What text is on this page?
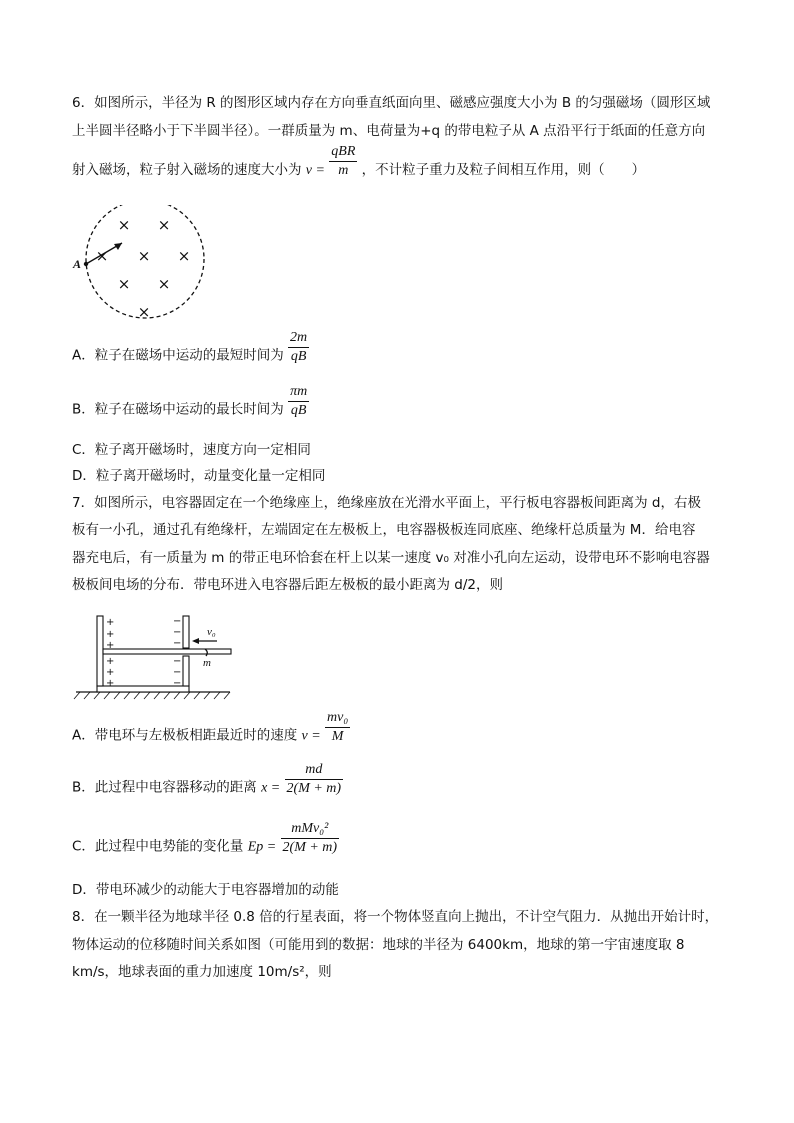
6．如图所示，半径为 R 的图形区域内存在方向垂直纸面向里、磁感应强度大小为 B 的匀强磁场（圆形区域
上半圆半径略小于下半圆半径）。一群质量为 m、电荷量为+q 的带电粒子从 A 点沿平行于纸面的任意方向
射入磁场，粒子射入磁场的速度大小为 $v = \frac{\text{qBR}}{m}$ ，不计粒子重力及粒子间相互作用，则（　　）
× ×
× × ×
× ×
×
A
A．粒子在磁场中运动的最短时间为 $\frac{2m}{qB}$
B．粒子在磁场中运动的最长时间为 $\frac{\pi m}{qB}$
C．粒子离开磁场时，速度方向一定相同
D．粒子离开磁场时，动量变化量一定相同
7．如图所示，电容器固定在一个绝缘座上，绝缘座放在光滑水平面上，平行板电容器板间距离为 d，右极
板有一小孔，通过孔有绝缘杆，左端固定在左极板上，电容器极板连同底座、绝缘杆总质量为 M．给电容
器充电后，有一质量为 m 的带正电环恰套在杆上以某一速度 v₀ 对准小孔向左运动，设带电环不影响电容器
极板间电场的分布．带电环进入电容器后距左极板的最小距离为 d/2，则
+
+
+
+
+
+
−
−
−
−
−
−
v₀
m
A．带电环与左极板相距最近时的速度 $v = \frac{\text{mv₀}}{M}$
B．此过程中电容器移动的距离 $x = \frac{md}{2(M + m)}$
C．此过程中电势能的变化量 $Ep = \frac{\text{mMv₀²}}{2(M + m)}$
D．带电环减少的动能大于电容器增加的动能
8．在一颗半径为地球半径 0.8 倍的行星表面，将一个物体竖直向上抛出，不计空气阻力．从抛出开始计时，
物体运动的位移随时间关系如图（可能用到的数据：地球的半径为 6400km，地球的第一宇宙速度取 8
km/s，地球表面的重力加速度 10m/s²，则
